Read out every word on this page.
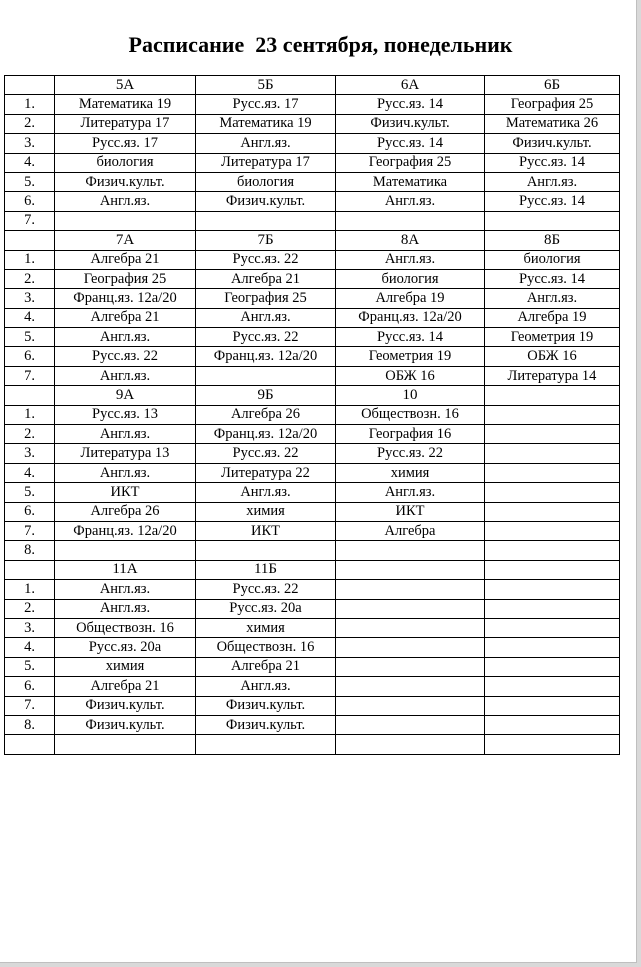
Расписание  23 сентября, понедельник
	5А	5Б	6А	6Б
1.	Математика 19	Русс.яз. 17	Русс.яз. 14	География 25
2.	Литература 17	Математика 19	Физич.культ.	Математика 26
3.	Русс.яз. 17	Англ.яз.	Русс.яз. 14	Физич.культ.
4.	биология	Литература 17	География 25	Русс.яз. 14
5.	Физич.культ.	биология	Математика	Англ.яз.
6.	Англ.яз.	Физич.культ.	Англ.яз.	Русс.яз. 14
7.				
	7А	7Б	8А	8Б
1.	Алгебра 21	Русс.яз. 22	Англ.яз.	биология
2.	География 25	Алгебра 21	биология	Русс.яз. 14
3.	Франц.яз. 12а/20	География 25	Алгебра 19	Англ.яз.
4.	Алгебра 21	Англ.яз.	Франц.яз. 12а/20	Алгебра 19
5.	Англ.яз.	Русс.яз. 22	Русс.яз. 14	Геометрия 19
6.	Русс.яз. 22	Франц.яз. 12а/20	Геометрия 19	ОБЖ 16
7.	Англ.яз.		ОБЖ 16	Литература 14
	9А	9Б	10	
1.	Русс.яз. 13	Алгебра 26	Обществозн. 16	
2.	Англ.яз.	Франц.яз. 12а/20	География 16	
3.	Литература 13	Русс.яз. 22	Русс.яз. 22	
4.	Англ.яз.	Литература 22	химия	
5.	ИКТ	Англ.яз.	Англ.яз.	
6.	Алгебра 26	химия	ИКТ	
7.	Франц.яз. 12а/20	ИКТ	Алгебра	
8.				
	11А	11Б		
1.	Англ.яз.	Русс.яз. 22		
2.	Англ.яз.	Русс.яз. 20а		
3.	Обществозн. 16	химия		
4.	Русс.яз. 20а	Обществозн. 16		
5.	химия	Алгебра 21		
6.	Алгебра 21	Англ.яз.		
7.	Физич.культ.	Физич.культ.		
8.	Физич.культ.	Физич.культ.		
